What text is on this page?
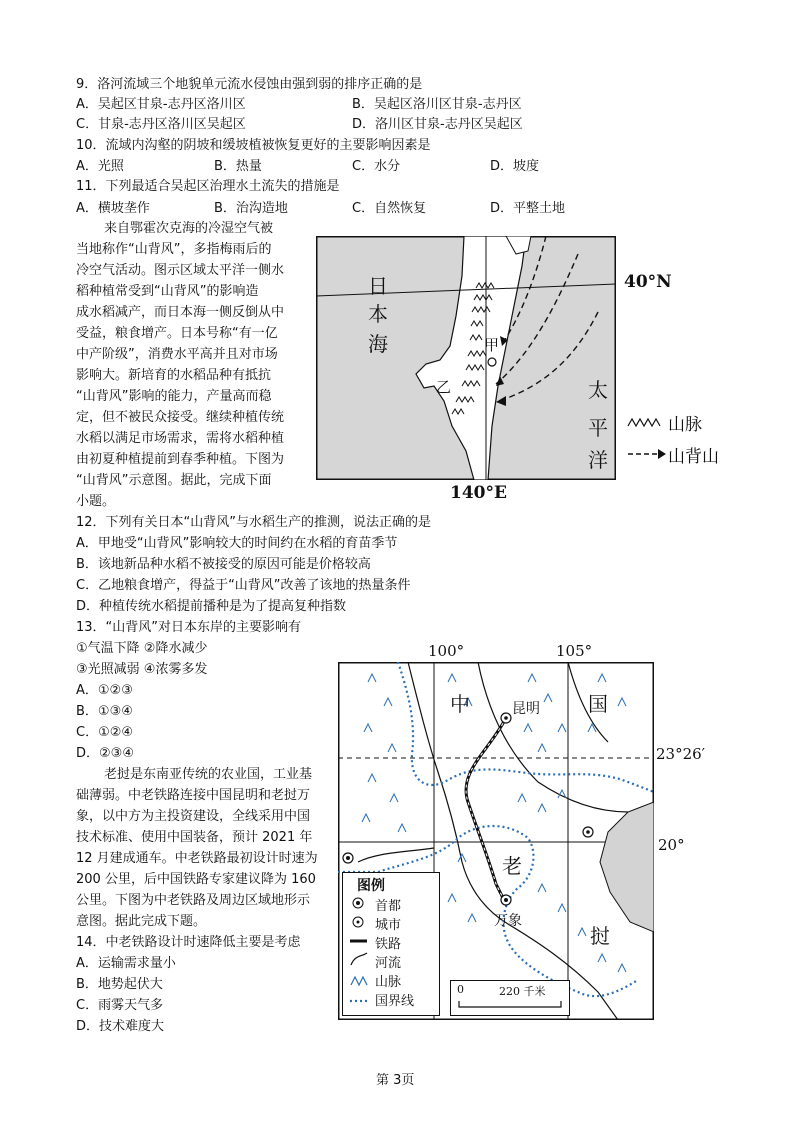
9．洛河流域三个地貌单元流水侵蚀由强到弱的排序正确的是
A．吴起区甘泉-志丹区洛川区	B．吴起区洛川区甘泉-志丹区
C．甘泉-志丹区洛川区吴起区	D．洛川区甘泉-志丹区吴起区
10．流域内沟壑的阴坡和缓坡植被恢复更好的主要影响因素是
A．光照	B．热量	C．水分	D．坡度
11．下列最适合吴起区治理水土流失的措施是
A．横坡垄作	B．治沟造地	C．自然恢复	D．平整土地
来自鄂霍次克海的冷湿空气被
当地称作“山背风”，多指梅雨后的
冷空气活动。图示区域太平洋一侧水
稻种植常受到“山背风”的影响造
成水稻减产，而日本海一侧反倒从中
受益，粮食增产。日本号称“有一亿
中产阶级”，消费水平高并且对市场
影响大。新培育的水稻品种有抵抗
“山背风”影响的能力，产量高而稳
定，但不被民众接受。继续种植传统
水稻以满足市场需求，需将水稻种植
由初夏种植提前到春季种植。下图为
“山背风”示意图。据此，完成下面
小题。
日
本
海
太
平
洋
甲
乙
40°N
140°E
山脉
山背山
12．下列有关日本“山背风”与水稻生产的推测，说法正确的是
A．甲地受“山背风”影响较大的时间约在水稻的育苗季节
B．该地新品种水稻不被接受的原因可能是价格较高
C．乙地粮食增产，得益于“山背风”改善了该地的热量条件
D．种植传统水稻提前播种是为了提高复种指数
13．“山背风”对日本东岸的主要影响有
①气温下降 ②降水减少
③光照减弱 ④浓雾多发
A．①②③
B．①③④
C．①②④
D．②③④
老挝是东南亚传统的农业国，工业基
础薄弱。中老铁路连接中国昆明和老挝万
象，以中方为主投资建设，全线采用中国
技术标准、使用中国装备，预计 2021 年
12 月建成通车。中老铁路最初设计时速为
200 公里，后中国铁路专家建议降为 160
公里。下图为中老铁路及周边区域地形示
意图。据此完成下题。
100°	105°
23°26′
20°
中	国
昆明
老
挝
万象
图例
首都
城市
铁路
河流
山脉
国界线
0	220 千米
14．中老铁路设计时速降低主要是考虑
A．运输需求量小
B．地势起伏大
C．雨雾天气多
D．技术难度大
第 3页
